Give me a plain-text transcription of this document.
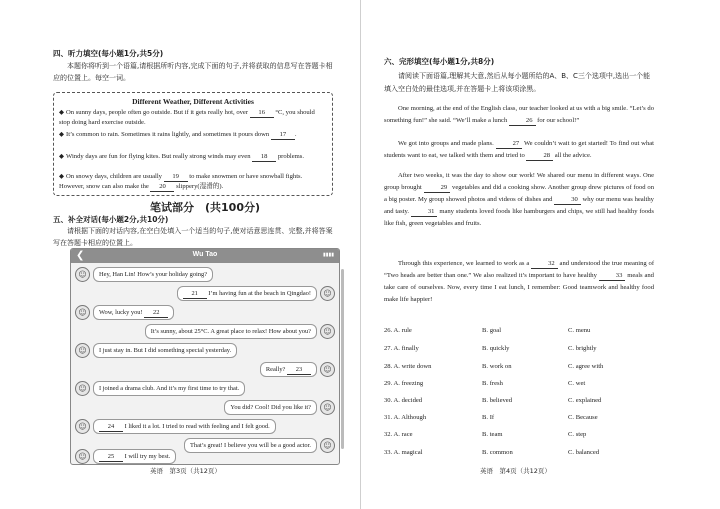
四、听力填空(每小题1分,共5分)
本题你将听到一个语篇,请根据所听内容,完成下面的句子,并将获取的信息写在答题卡相应的位置上。每空一词。
Different Weather, Different Activities
◆ On sunny days, people often go outside. But if it gets really hot, over 16 °C, you should stop doing hard exercise outside.
◆ It’s common to rain. Sometimes it rains lightly, and sometimes it pours down 17 .
◆ Windy days are fun for flying kites. But really strong winds may even 18 problems.
◆ On snowy days, children are usually 19 to make snowmen or have snowball fights. However, snow can also make the 20 slippery(湿滑的).
笔试部分　(共100分)
五、补全对话(每小题2分,共10分)
请根据下面的对话内容,在空白处填入一个适当的句子,使对话意思连贯、完整,并将答案写在答题卡相应的位置上。
❮	Wu Tao	▮▮▮▮
☺	Hey, Han Lin! How’s your holiday going?
☺
21 I’m having fun at the beach in Qingdao!
☺	Wow, lucky you! 22
☺
It’s sunny, about 25°C. A great place to relax! How about you?
☺	I just stay in. But I did something special yesterday.
☺
Really? 23
☺	I joined a drama club. And it’s my first time to try that.
☺
You did? Cool! Did you like it?
☺	24 I liked it a lot. I tried to read with feeling and I felt good.
☺
That’s great! I believe you will be a good actor.
☺	25 I will try my best.
英语　第3页（共12页）
六、完形填空(每小题1分,共8分)
请阅读下面语篇,理解其大意,然后从每小题所给的A、B、C三个选项中,选出一个能填入空白处的最佳选项,并在答题卡上将该项涂黑。
One morning, at the end of the English class, our teacher looked at us with a big smile. “Let’s do something fun!” she said. “We’ll make a lunch	26 for our school!”
We got into groups and made plans.	27 We couldn’t wait to get started! To find out what students want to eat, we talked with them and tried to	28 all the advice.
After two weeks, it was the day to show our work! We shared our menu in different ways. One group brought	29 vegetables and did a cooking show. Another group drew pictures of food on a big poster. My group showed photos and videos of dishes and	30 why our menu was healthy and tasty.	31 many students loved foods like hamburgers and chips, we still had healthy foods like fish, green vegetables and fruits.
Through this experience, we learned to work as a	32 and understood the true meaning of “Two heads are better than one.” We also realized it’s important to have healthy	33 meals and take care of ourselves. Now, every time I eat lunch, I remember: Good teamwork and healthy food make life happier!
26. A. rule	B. goal	C. menu
27. A. finally	B. quickly	C. brightly
28. A. write down	B. work on	C. agree with
29. A. freezing	B. fresh	C. wet
30. A. decided	B. believed	C. explained
31. A. Although	B. If	C. Because
32. A. race	B. team	C. step
33. A. magical	B. common	C. balanced
英语　第4页（共12页）
